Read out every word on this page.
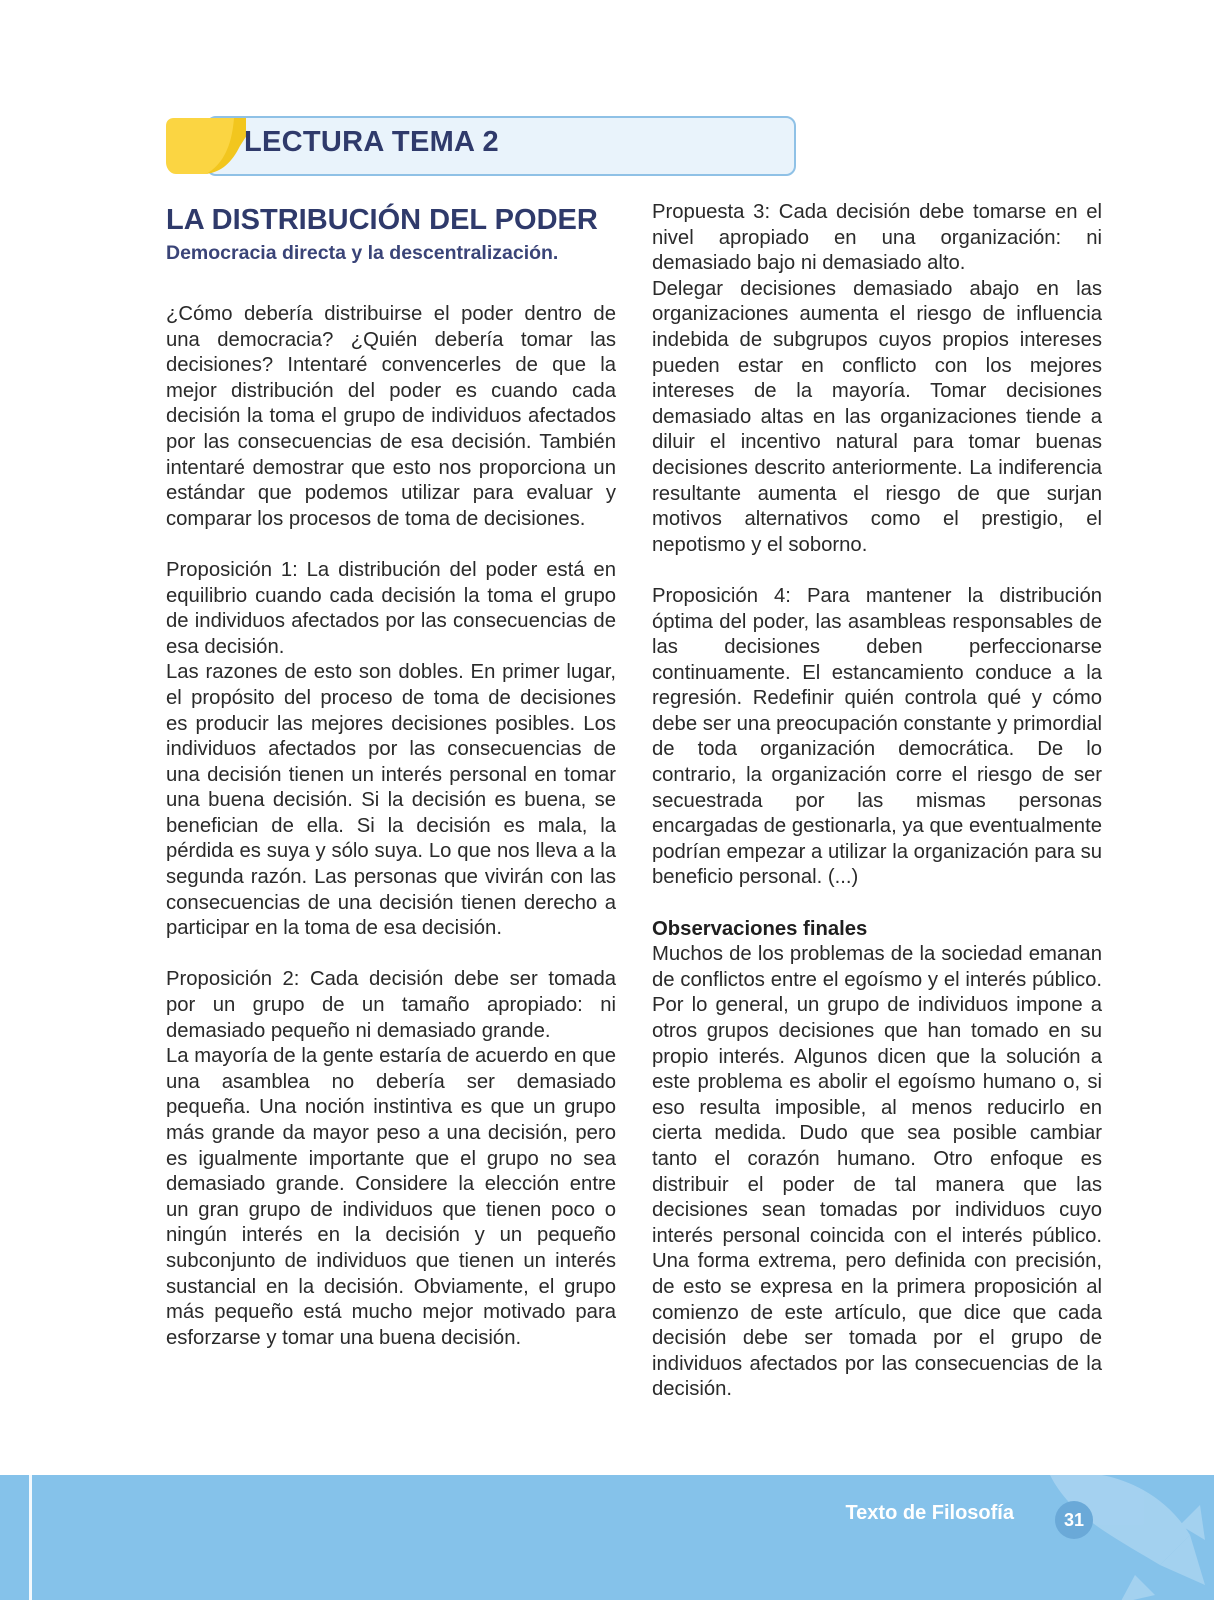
LECTURA TEMA 2
LA DISTRIBUCIÓN DEL PODER

Democracia directa y la descentralización.

¿Cómo debería distribuirse el poder dentro de una democracia? ¿Quién debería tomar las decisiones? Intentaré convencerles de que la mejor distribución del poder es cuando cada decisión la toma el grupo de individuos afectados por las consecuencias de esa decisión. También intentaré demostrar que esto nos proporciona un estándar que podemos utilizar para evaluar y comparar los procesos de toma de decisiones.

Proposición 1: La distribución del poder está en equilibrio cuando cada decisión la toma el grupo de individuos afectados por las consecuencias de esa decisión.

Las razones de esto son dobles. En primer lugar, el propósito del proceso de toma de decisiones es producir las mejores decisiones posibles. Los individuos afectados por las consecuencias de una decisión tienen un interés personal en tomar una buena decisión. Si la decisión es buena, se benefician de ella. Si la decisión es mala, la pérdida es suya y sólo suya. Lo que nos lleva a la segunda razón. Las personas que vivirán con las consecuencias de una decisión tienen derecho a participar en la toma de esa decisión.

Proposición 2: Cada decisión debe ser tomada por un grupo de un tamaño apropiado: ni demasiado pequeño ni demasiado grande.

La mayoría de la gente estaría de acuerdo en que una asamblea no debería ser demasiado pequeña. Una noción instintiva es que un grupo más grande da mayor peso a una decisión, pero es igualmente importante que el grupo no sea demasiado grande. Considere la elección entre un gran grupo de individuos que tienen poco o ningún interés en la decisión y un pequeño subconjunto de individuos que tienen un interés sustancial en la decisión. Obviamente, el grupo más pequeño está mucho mejor motivado para esforzarse y tomar una buena decisión.

Propuesta 3: Cada decisión debe tomarse en el nivel apropiado en una organización: ni demasiado bajo ni demasiado alto.

Delegar decisiones demasiado abajo en las organizaciones aumenta el riesgo de influencia indebida de subgrupos cuyos propios intereses pueden estar en conflicto con los mejores intereses de la mayoría. Tomar decisiones demasiado altas en las organizaciones tiende a diluir el incentivo natural para tomar buenas decisiones descrito anteriormente. La indiferencia resultante aumenta el riesgo de que surjan motivos alternativos como el prestigio, el nepotismo y el soborno.

Proposición 4: Para mantener la distribución óptima del poder, las asambleas responsables de las decisiones deben perfeccionarse continuamente. El estancamiento conduce a la regresión. Redefinir quién controla qué y cómo debe ser una preocupación constante y primordial de toda organización democrática. De lo contrario, la organización corre el riesgo de ser secuestrada por las mismas personas encargadas de gestionarla, ya que eventualmente podrían empezar a utilizar la organización para su beneficio personal. (...)

Observaciones finales

Muchos de los problemas de la sociedad emanan de conflictos entre el egoísmo y el interés público. Por lo general, un grupo de individuos impone a otros grupos decisiones que han tomado en su propio interés. Algunos dicen que la solución a este problema es abolir el egoísmo humano o, si eso resulta imposible, al menos reducirlo en cierta medida. Dudo que sea posible cambiar tanto el corazón humano. Otro enfoque es distribuir el poder de tal manera que las decisiones sean tomadas por individuos cuyo interés personal coincida con el interés público. Una forma extrema, pero definida con precisión, de esto se expresa en la primera proposición al comienzo de este artículo, que dice que cada decisión debe ser tomada por el grupo de individuos afectados por las consecuencias de la decisión.

Texto de Filosofía	31
